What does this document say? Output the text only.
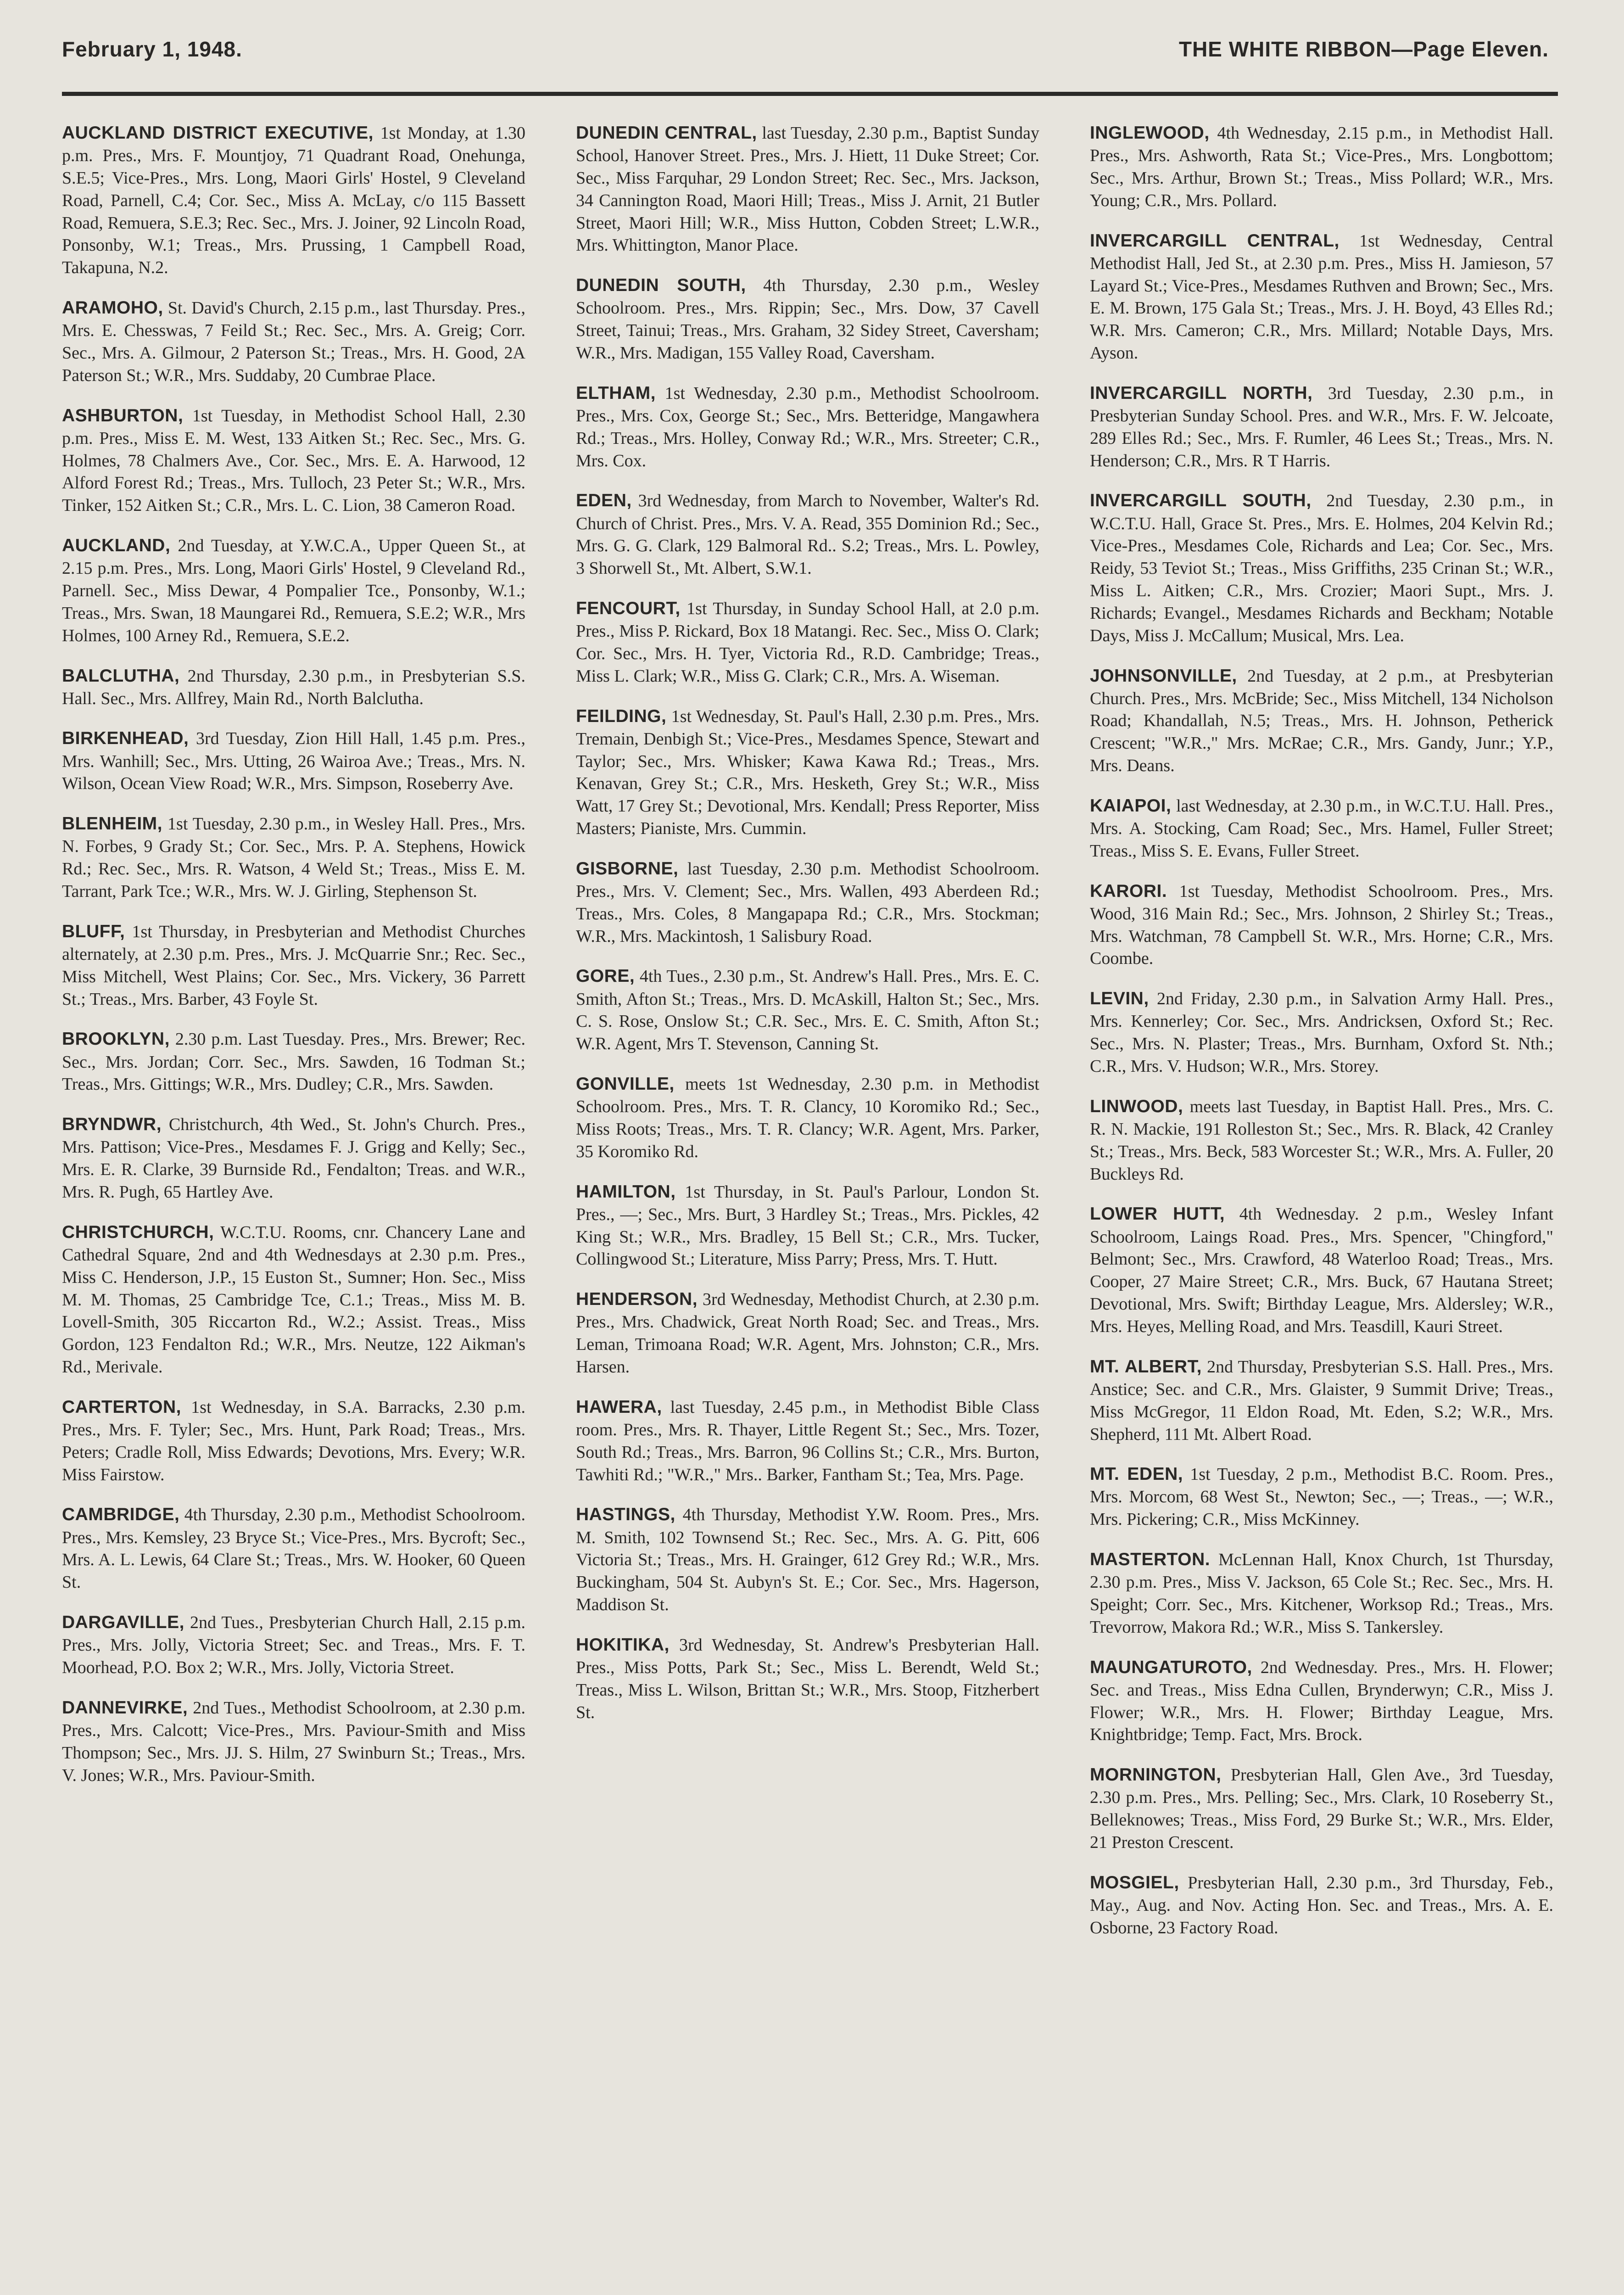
February 1, 1948.	THE WHITE RIBBON—Page Eleven.

AUCKLAND DISTRICT EXECUTIVE, 1st Monday, at 1.30 p.m. Pres., Mrs. F. Mountjoy, 71 Quadrant Road, Onehunga, S.E.5; Vice-Pres., Mrs. Long, Maori Girls' Hostel, 9 Cleveland Road, Parnell, C.4; Cor. Sec., Miss A. McLay, c/o 115 Bassett Road, Remuera, S.E.3; Rec. Sec., Mrs. J. Joiner, 92 Lincoln Road, Ponsonby, W.1; Treas., Mrs. Prussing, 1 Campbell Road, Takapuna, N.2.

ARAMOHO, St. David's Church, 2.15 p.m., last Thursday. Pres., Mrs. E. Chesswas, 7 Feild St.; Rec. Sec., Mrs. A. Greig; Corr. Sec., Mrs. A. Gilmour, 2 Paterson St.; Treas., Mrs. H. Good, 2A Paterson St.; W.R., Mrs. Suddaby, 20 Cumbrae Place.

ASHBURTON, 1st Tuesday, in Methodist School Hall, 2.30 p.m. Pres., Miss E. M. West, 133 Aitken St.; Rec. Sec., Mrs. G. Holmes, 78 Chalmers Ave., Cor. Sec., Mrs. E. A. Harwood, 12 Alford Forest Rd.; Treas., Mrs. Tulloch, 23 Peter St.; W.R., Mrs. Tinker, 152 Aitken St.; C.R., Mrs. L. C. Lion, 38 Cameron Road.

AUCKLAND, 2nd Tuesday, at Y.W.C.A., Upper Queen St., at 2.15 p.m. Pres., Mrs. Long, Maori Girls' Hostel, 9 Cleveland Rd., Parnell. Sec., Miss Dewar, 4 Pompalier Tce., Ponsonby, W.1.; Treas., Mrs. Swan, 18 Maungarei Rd., Remuera, S.E.2; W.R., Mrs Holmes, 100 Arney Rd., Remuera, S.E.2.

BALCLUTHA, 2nd Thursday, 2.30 p.m., in Presbyterian S.S. Hall. Sec., Mrs. Allfrey, Main Rd., North Balclutha.

BIRKENHEAD, 3rd Tuesday, Zion Hill Hall, 1.45 p.m. Pres., Mrs. Wanhill; Sec., Mrs. Utting, 26 Wairoa Ave.; Treas., Mrs. N. Wilson, Ocean View Road; W.R., Mrs. Simpson, Roseberry Ave.

BLENHEIM, 1st Tuesday, 2.30 p.m., in Wesley Hall. Pres., Mrs. N. Forbes, 9 Grady St.; Cor. Sec., Mrs. P. A. Stephens, Howick Rd.; Rec. Sec., Mrs. R. Watson, 4 Weld St.; Treas., Miss E. M. Tarrant, Park Tce.; W.R., Mrs. W. J. Girling, Stephenson St.

BLUFF, 1st Thursday, in Presbyterian and Methodist Churches alternately, at 2.30 p.m. Pres., Mrs. J. McQuarrie Snr.; Rec. Sec., Miss Mitchell, West Plains; Cor. Sec., Mrs. Vickery, 36 Parrett St.; Treas., Mrs. Barber, 43 Foyle St.

BROOKLYN, 2.30 p.m. Last Tuesday. Pres., Mrs. Brewer; Rec. Sec., Mrs. Jordan; Corr. Sec., Mrs. Sawden, 16 Todman St.; Treas., Mrs. Gittings; W.R., Mrs. Dudley; C.R., Mrs. Sawden.

BRYNDWR, Christchurch, 4th Wed., St. John's Church. Pres., Mrs. Pattison; Vice-Pres., Mesdames F. J. Grigg and Kelly; Sec., Mrs. E. R. Clarke, 39 Burnside Rd., Fendalton; Treas. and W.R., Mrs. R. Pugh, 65 Hartley Ave.

CHRISTCHURCH, W.C.T.U. Rooms, cnr. Chancery Lane and Cathedral Square, 2nd and 4th Wednesdays at 2.30 p.m. Pres., Miss C. Henderson, J.P., 15 Euston St., Sumner; Hon. Sec., Miss M. M. Thomas, 25 Cambridge Tce, C.1.; Treas., Miss M. B. Lovell-Smith, 305 Riccarton Rd., W.2.; Assist. Treas., Miss Gordon, 123 Fendalton Rd.; W.R., Mrs. Neutze, 122 Aikman's Rd., Merivale.

CARTERTON, 1st Wednesday, in S.A. Barracks, 2.30 p.m. Pres., Mrs. F. Tyler; Sec., Mrs. Hunt, Park Road; Treas., Mrs. Peters; Cradle Roll, Miss Edwards; Devotions, Mrs. Every; W.R. Miss Fairstow.

CAMBRIDGE, 4th Thursday, 2.30 p.m., Methodist Schoolroom. Pres., Mrs. Kemsley, 23 Bryce St.; Vice-Pres., Mrs. Bycroft; Sec., Mrs. A. L. Lewis, 64 Clare St.; Treas., Mrs. W. Hooker, 60 Queen St.

DARGAVILLE, 2nd Tues., Presbyterian Church Hall, 2.15 p.m. Pres., Mrs. Jolly, Victoria Street; Sec. and Treas., Mrs. F. T. Moorhead, P.O. Box 2; W.R., Mrs. Jolly, Victoria Street.

DANNEVIRKE, 2nd Tues., Methodist Schoolroom, at 2.30 p.m. Pres., Mrs. Calcott; Vice-Pres., Mrs. Paviour-Smith and Miss Thompson; Sec., Mrs. JJ. S. Hilm, 27 Swinburn St.; Treas., Mrs. V. Jones; W.R., Mrs. Paviour-Smith.

DUNEDIN CENTRAL, last Tuesday, 2.30 p.m., Baptist Sunday School, Hanover Street. Pres., Mrs. J. Hiett, 11 Duke Street; Cor. Sec., Miss Farquhar, 29 London Street; Rec. Sec., Mrs. Jackson, 34 Cannington Road, Maori Hill; Treas., Miss J. Arnit, 21 Butler Street, Maori Hill; W.R., Miss Hutton, Cobden Street; L.W.R., Mrs. Whittington, Manor Place.

DUNEDIN SOUTH, 4th Thursday, 2.30 p.m., Wesley Schoolroom. Pres., Mrs. Rippin; Sec., Mrs. Dow, 37 Cavell Street, Tainui; Treas., Mrs. Graham, 32 Sidey Street, Caversham; W.R., Mrs. Madigan, 155 Valley Road, Caversham.

ELTHAM, 1st Wednesday, 2.30 p.m., Methodist Schoolroom. Pres., Mrs. Cox, George St.; Sec., Mrs. Betteridge, Mangawhera Rd.; Treas., Mrs. Holley, Conway Rd.; W.R., Mrs. Streeter; C.R., Mrs. Cox.

EDEN, 3rd Wednesday, from March to November, Walter's Rd. Church of Christ. Pres., Mrs. V. A. Read, 355 Dominion Rd.; Sec., Mrs. G. G. Clark, 129 Balmoral Rd.. S.2; Treas., Mrs. L. Powley, 3 Shorwell St., Mt. Albert, S.W.1.

FENCOURT, 1st Thursday, in Sunday School Hall, at 2.0 p.m. Pres., Miss P. Rickard, Box 18 Matangi. Rec. Sec., Miss O. Clark; Cor. Sec., Mrs. H. Tyer, Victoria Rd., R.D. Cambridge; Treas., Miss L. Clark; W.R., Miss G. Clark; C.R., Mrs. A. Wiseman.

FEILDING, 1st Wednesday, St. Paul's Hall, 2.30 p.m. Pres., Mrs. Tremain, Denbigh St.; Vice-Pres., Mesdames Spence, Stewart and Taylor; Sec., Mrs. Whisker; Kawa Kawa Rd.; Treas., Mrs. Kenavan, Grey St.; C.R., Mrs. Hesketh, Grey St.; W.R., Miss Watt, 17 Grey St.; Devotional, Mrs. Kendall; Press Reporter, Miss Masters; Pianiste, Mrs. Cummin.

GISBORNE, last Tuesday, 2.30 p.m. Methodist Schoolroom. Pres., Mrs. V. Clement; Sec., Mrs. Wallen, 493 Aberdeen Rd.; Treas., Mrs. Coles, 8 Mangapapa Rd.; C.R., Mrs. Stockman; W.R., Mrs. Mackintosh, 1 Salisbury Road.

GORE, 4th Tues., 2.30 p.m., St. Andrew's Hall. Pres., Mrs. E. C. Smith, Afton St.; Treas., Mrs. D. McAskill, Halton St.; Sec., Mrs. C. S. Rose, Onslow St.; C.R. Sec., Mrs. E. C. Smith, Afton St.; W.R. Agent, Mrs T. Stevenson, Canning St.

GONVILLE, meets 1st Wednesday, 2.30 p.m. in Methodist Schoolroom. Pres., Mrs. T. R. Clancy, 10 Koromiko Rd.; Sec., Miss Roots; Treas., Mrs. T. R. Clancy; W.R. Agent, Mrs. Parker, 35 Koromiko Rd.

HAMILTON, 1st Thursday, in St. Paul's Parlour, London St. Pres., —; Sec., Mrs. Burt, 3 Hardley St.; Treas., Mrs. Pickles, 42 King St.; W.R., Mrs. Bradley, 15 Bell St.; C.R., Mrs. Tucker, Collingwood St.; Literature, Miss Parry; Press, Mrs. T. Hutt.

HENDERSON, 3rd Wednesday, Methodist Church, at 2.30 p.m. Pres., Mrs. Chadwick, Great North Road; Sec. and Treas., Mrs. Leman, Trimoana Road; W.R. Agent, Mrs. Johnston; C.R., Mrs. Harsen.

HAWERA, last Tuesday, 2.45 p.m., in Methodist Bible Class room. Pres., Mrs. R. Thayer, Little Regent St.; Sec., Mrs. Tozer, South Rd.; Treas., Mrs. Barron, 96 Collins St.; C.R., Mrs. Burton, Tawhiti Rd.; "W.R.," Mrs.. Barker, Fantham St.; Tea, Mrs. Page.

HASTINGS, 4th Thursday, Methodist Y.W. Room. Pres., Mrs. M. Smith, 102 Townsend St.; Rec. Sec., Mrs. A. G. Pitt, 606 Victoria St.; Treas., Mrs. H. Grainger, 612 Grey Rd.; W.R., Mrs. Buckingham, 504 St. Aubyn's St. E.; Cor. Sec., Mrs. Hagerson, Maddison St.

HOKITIKA, 3rd Wednesday, St. Andrew's Presbyterian Hall. Pres., Miss Potts, Park St.; Sec., Miss L. Berendt, Weld St.; Treas., Miss L. Wilson, Brittan St.; W.R., Mrs. Stoop, Fitzherbert St.

INGLEWOOD, 4th Wednesday, 2.15 p.m., in Methodist Hall. Pres., Mrs. Ashworth, Rata St.; Vice-Pres., Mrs. Longbottom; Sec., Mrs. Arthur, Brown St.; Treas., Miss Pollard; W.R., Mrs. Young; C.R., Mrs. Pollard.

INVERCARGILL CENTRAL, 1st Wednesday, Central Methodist Hall, Jed St., at 2.30 p.m. Pres., Miss H. Jamieson, 57 Layard St.; Vice-Pres., Mesdames Ruthven and Brown; Sec., Mrs. E. M. Brown, 175 Gala St.; Treas., Mrs. J. H. Boyd, 43 Elles Rd.; W.R. Mrs. Cameron; C.R., Mrs. Millard; Notable Days, Mrs. Ayson.

INVERCARGILL NORTH, 3rd Tuesday, 2.30 p.m., in Presbyterian Sunday School. Pres. and W.R., Mrs. F. W. Jelcoate, 289 Elles Rd.; Sec., Mrs. F. Rumler, 46 Lees St.; Treas., Mrs. N. Henderson; C.R., Mrs. R T Harris.

INVERCARGILL SOUTH, 2nd Tuesday, 2.30 p.m., in W.C.T.U. Hall, Grace St. Pres., Mrs. E. Holmes, 204 Kelvin Rd.; Vice-Pres., Mesdames Cole, Richards and Lea; Cor. Sec., Mrs. Reidy, 53 Teviot St.; Treas., Miss Griffiths, 235 Crinan St.; W.R., Miss L. Aitken; C.R., Mrs. Crozier; Maori Supt., Mrs. J. Richards; Evangel., Mesdames Richards and Beckham; Notable Days, Miss J. McCallum; Musical, Mrs. Lea.

JOHNSONVILLE, 2nd Tuesday, at 2 p.m., at Presbyterian Church. Pres., Mrs. McBride; Sec., Miss Mitchell, 134 Nicholson Road; Khandallah, N.5; Treas., Mrs. H. Johnson, Petherick Crescent; "W.R.," Mrs. McRae; C.R., Mrs. Gandy, Junr.; Y.P., Mrs. Deans.

KAIAPOI, last Wednesday, at 2.30 p.m., in W.C.T.U. Hall. Pres., Mrs. A. Stocking, Cam Road; Sec., Mrs. Hamel, Fuller Street; Treas., Miss S. E. Evans, Fuller Street.

KARORI. 1st Tuesday, Methodist Schoolroom. Pres., Mrs. Wood, 316 Main Rd.; Sec., Mrs. Johnson, 2 Shirley St.; Treas., Mrs. Watchman, 78 Campbell St. W.R., Mrs. Horne; C.R., Mrs. Coombe.

LEVIN, 2nd Friday, 2.30 p.m., in Salvation Army Hall. Pres., Mrs. Kennerley; Cor. Sec., Mrs. Andricksen, Oxford St.; Rec. Sec., Mrs. N. Plaster; Treas., Mrs. Burnham, Oxford St. Nth.; C.R., Mrs. V. Hudson; W.R., Mrs. Storey.

LINWOOD, meets last Tuesday, in Baptist Hall. Pres., Mrs. C. R. N. Mackie, 191 Rolleston St.; Sec., Mrs. R. Black, 42 Cranley St.; Treas., Mrs. Beck, 583 Worcester St.; W.R., Mrs. A. Fuller, 20 Buckleys Rd.

LOWER HUTT, 4th Wednesday. 2 p.m., Wesley Infant Schoolroom, Laings Road. Pres., Mrs. Spencer, "Chingford," Belmont; Sec., Mrs. Crawford, 48 Waterloo Road; Treas., Mrs. Cooper, 27 Maire Street; C.R., Mrs. Buck, 67 Hautana Street; Devotional, Mrs. Swift; Birthday League, Mrs. Aldersley; W.R., Mrs. Heyes, Melling Road, and Mrs. Teasdill, Kauri Street.

MT. ALBERT, 2nd Thursday, Presbyterian S.S. Hall. Pres., Mrs. Anstice; Sec. and C.R., Mrs. Glaister, 9 Summit Drive; Treas., Miss McGregor, 11 Eldon Road, Mt. Eden, S.2; W.R., Mrs. Shepherd, 111 Mt. Albert Road.

MT. EDEN, 1st Tuesday, 2 p.m., Methodist B.C. Room. Pres., Mrs. Morcom, 68 West St., Newton; Sec., —; Treas., —; W.R., Mrs. Pickering; C.R., Miss McKinney.

MASTERTON. McLennan Hall, Knox Church, 1st Thursday, 2.30 p.m. Pres., Miss V. Jackson, 65 Cole St.; Rec. Sec., Mrs. H. Speight; Corr. Sec., Mrs. Kitchener, Worksop Rd.; Treas., Mrs. Trevorrow, Makora Rd.; W.R., Miss S. Tankersley.

MAUNGATUROTO, 2nd Wednesday. Pres., Mrs. H. Flower; Sec. and Treas., Miss Edna Cullen, Brynderwyn; C.R., Miss J. Flower; W.R., Mrs. H. Flower; Birthday League, Mrs. Knightbridge; Temp. Fact, Mrs. Brock.

MORNINGTON, Presbyterian Hall, Glen Ave., 3rd Tuesday, 2.30 p.m. Pres., Mrs. Pelling; Sec., Mrs. Clark, 10 Roseberry St., Belleknowes; Treas., Miss Ford, 29 Burke St.; W.R., Mrs. Elder, 21 Preston Crescent.

MOSGIEL, Presbyterian Hall, 2.30 p.m., 3rd Thursday, Feb., May., Aug. and Nov. Acting Hon. Sec. and Treas., Mrs. A. E. Osborne, 23 Factory Road.
